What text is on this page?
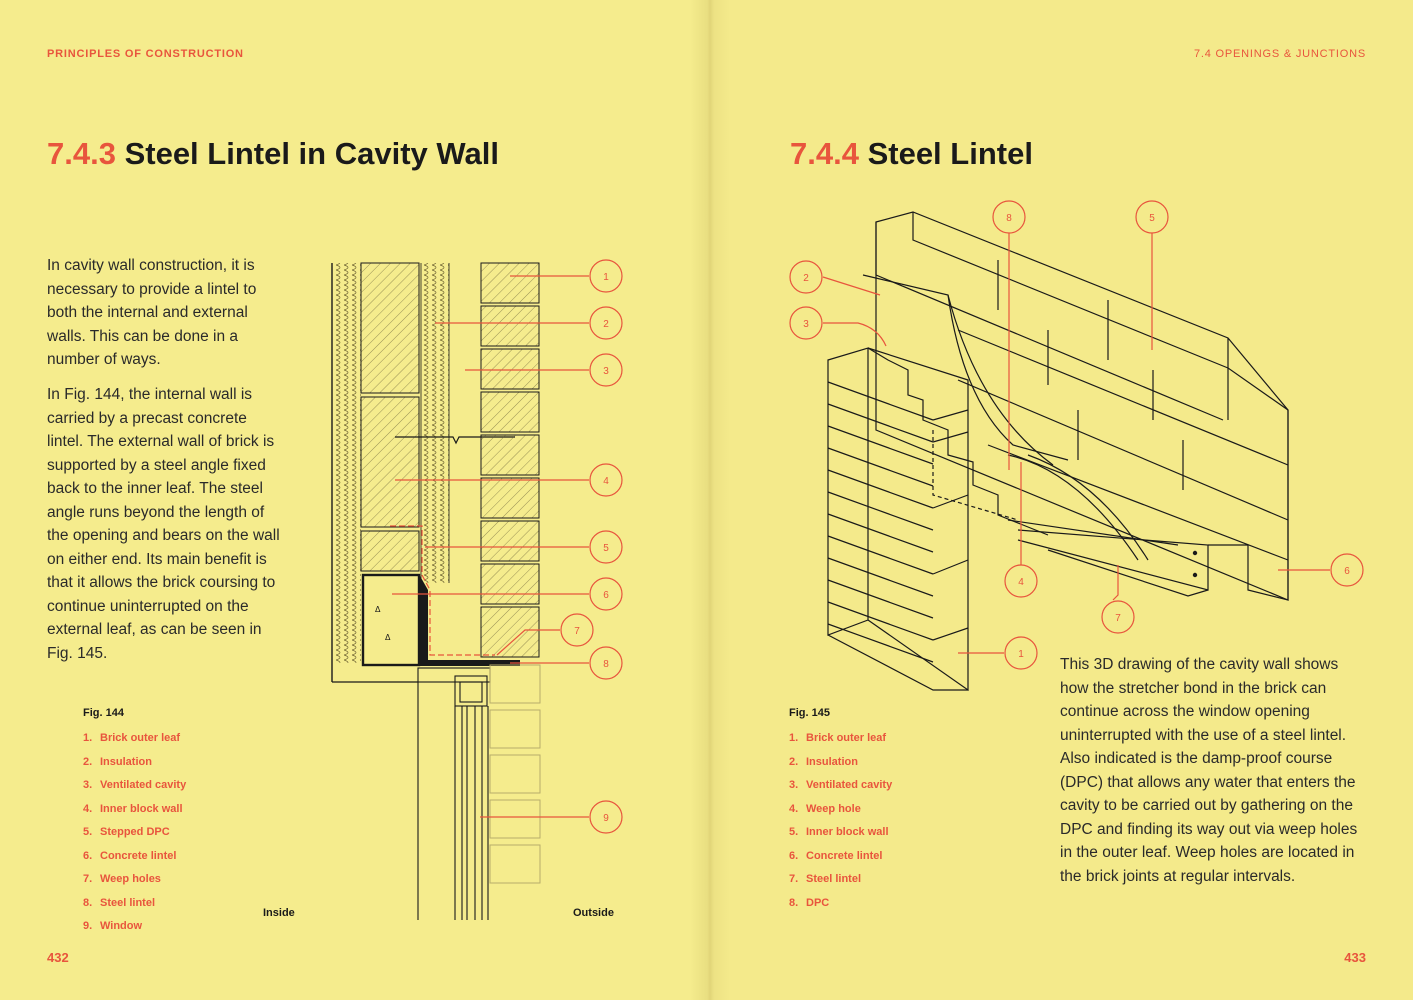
PRINCIPLES OF CONSTRUCTION
7.4.3 Steel Lintel in Cavity Wall

In cavity wall construction, it is necessary to provide a lintel to both the internal and external walls. This can be done in a number of ways.

In Fig. 144, the internal wall is carried by a precast concrete lintel. The external wall of brick is supported by a steel angle fixed back to the inner leaf. The steel angle runs beyond the length of the opening and bears on the wall on either end. Its main benefit is that it allows the brick coursing to continue uninterrupted on the external leaf, as can be seen in Fig. 145.

Δ
Δ
1
2
3
4
5
6
7
8
9
Fig. 144
1. Brick outer leaf
2. Insulation
3. Ventilated cavity
4. Inner block wall
5. Stepped DPC
6. Concrete lintel
7. Weep holes
8. Steel lintel
9. Window
Inside	Outside
432
7.4 OPENINGS & JUNCTIONS
7.4.4 Steel Lintel
1
2
3
4
5
6
7
8
Fig. 145
1. Brick outer leaf
2. Insulation
3. Ventilated cavity
4. Weep hole
5. Inner block wall
6. Concrete lintel
7. Steel lintel
8. DPC

This 3D drawing of the cavity wall shows how the stretcher bond in the brick can continue across the window opening uninterrupted with the use of a steel lintel. Also indicated is the damp-proof course (DPC) that allows any water that enters the cavity to be carried out by gathering on the DPC and finding its way out via weep holes in the outer leaf. Weep holes are located in the brick joints at regular intervals.

433
